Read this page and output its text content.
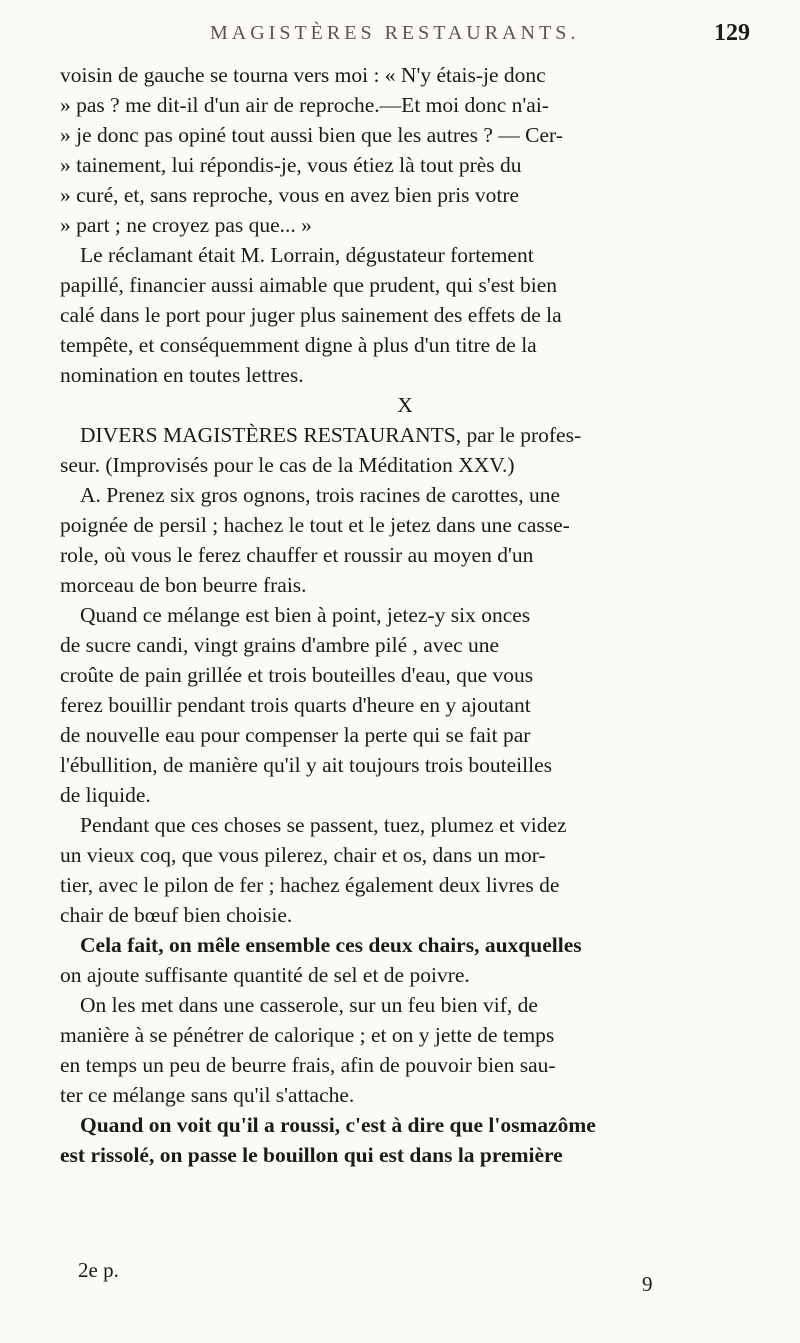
MAGISTÈRES RESTAURANTS.	129
voisin de gauche se tourna vers moi : « N'y étais-je donc
» pas ? me dit-il d'un air de reproche.—Et moi donc n'ai-
» je donc pas opiné tout aussi bien que les autres ? — Cer-
» tainement, lui répondis-je, vous étiez là tout près du
» curé, et, sans reproche, vous en avez bien pris votre
» part ; ne croyez pas que... »
Le réclamant était M. Lorrain, dégustateur fortement
papillé, financier aussi aimable que prudent, qui s'est bien
calé dans le port pour juger plus sainement des effets de la
tempête, et conséquemment digne à plus d'un titre de la
nomination en toutes lettres.
X
DIVERS MAGISTÈRES RESTAURANTS, par le profes-
seur. (Improvisés pour le cas de la Méditation XXV.)
A. Prenez six gros ognons, trois racines de carottes, une
poignée de persil ; hachez le tout et le jetez dans une casse-
role, où vous le ferez chauffer et roussir au moyen d'un
morceau de bon beurre frais.
Quand ce mélange est bien à point, jetez-y six onces
de sucre candi, vingt grains d'ambre pilé , avec une
croûte de pain grillée et trois bouteilles d'eau, que vous
ferez bouillir pendant trois quarts d'heure en y ajoutant
de nouvelle eau pour compenser la perte qui se fait par
l'ébullition, de manière qu'il y ait toujours trois bouteilles
de liquide.
Pendant que ces choses se passent, tuez, plumez et videz
un vieux coq, que vous pilerez, chair et os, dans un mor-
tier, avec le pilon de fer ; hachez également deux livres de
chair de bœuf bien choisie.
Cela fait, on mêle ensemble ces deux chairs, auxquelles
on ajoute suffisante quantité de sel et de poivre.
On les met dans une casserole, sur un feu bien vif, de
manière à se pénétrer de calorique ; et on y jette de temps
en temps un peu de beurre frais, afin de pouvoir bien sau-
ter ce mélange sans qu'il s'attache.
Quand on voit qu'il a roussi, c'est à dire que l'osmazôme
est rissolé, on passe le bouillon qui est dans la première
2e p.
9
